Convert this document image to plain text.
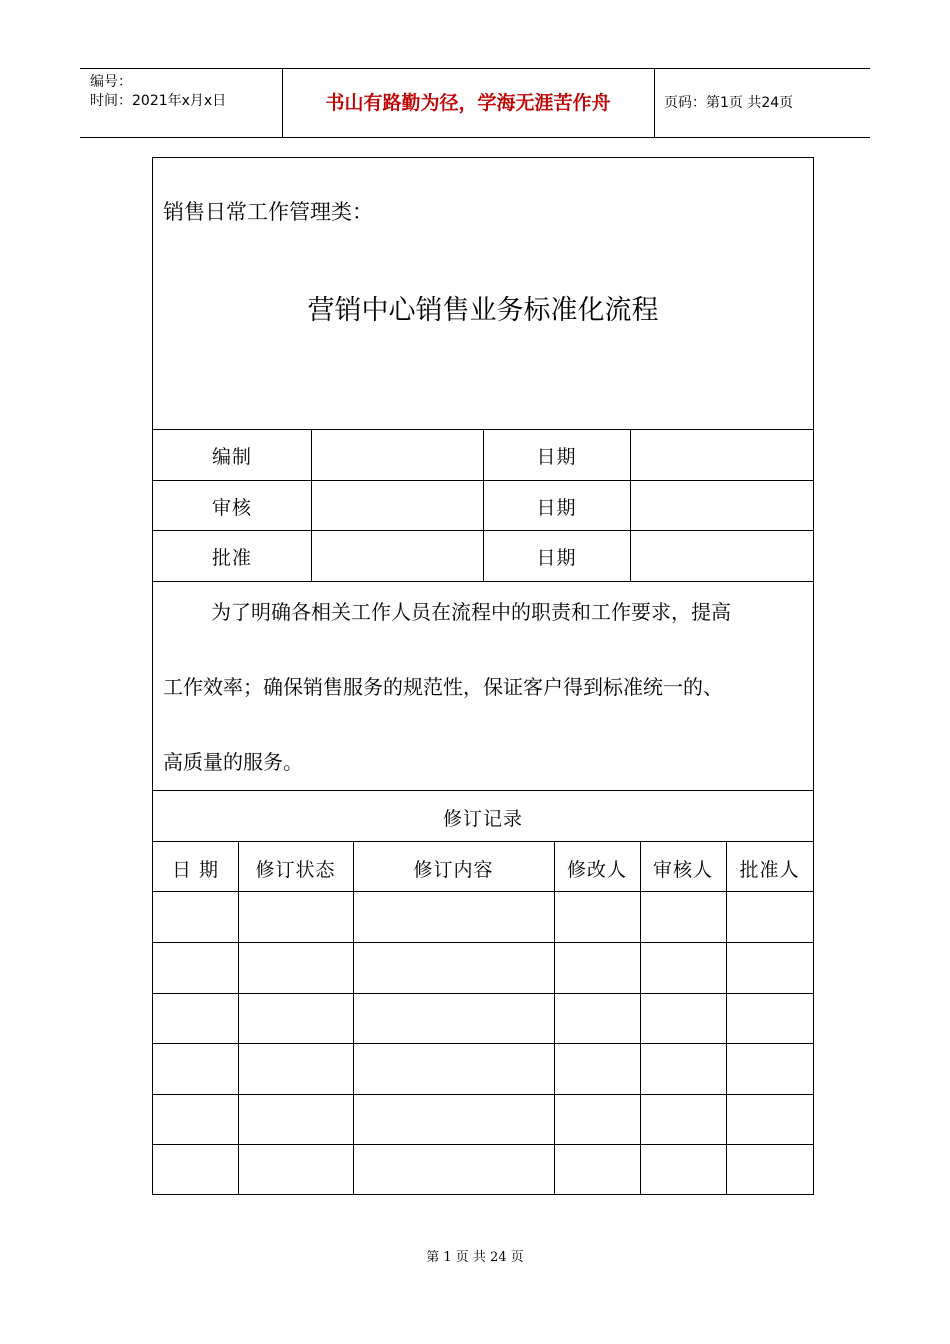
编号：
时间：2021年x月x日	书山有路勤为径，学海无涯苦作舟	页码：第1页 共24页
销售日常工作管理类：
营销中心销售业务标准化流程
编制	日期
审核	日期
批准	日期
为了明确各相关工作人员在流程中的职责和工作要求，提高
工作效率；确保销售服务的规范性，保证客户得到标准统一的、
高质量的服务。
修订记录
日 期	修订状态	修订内容	修改人	审核人	批准人
第 1 页 共 24 页
